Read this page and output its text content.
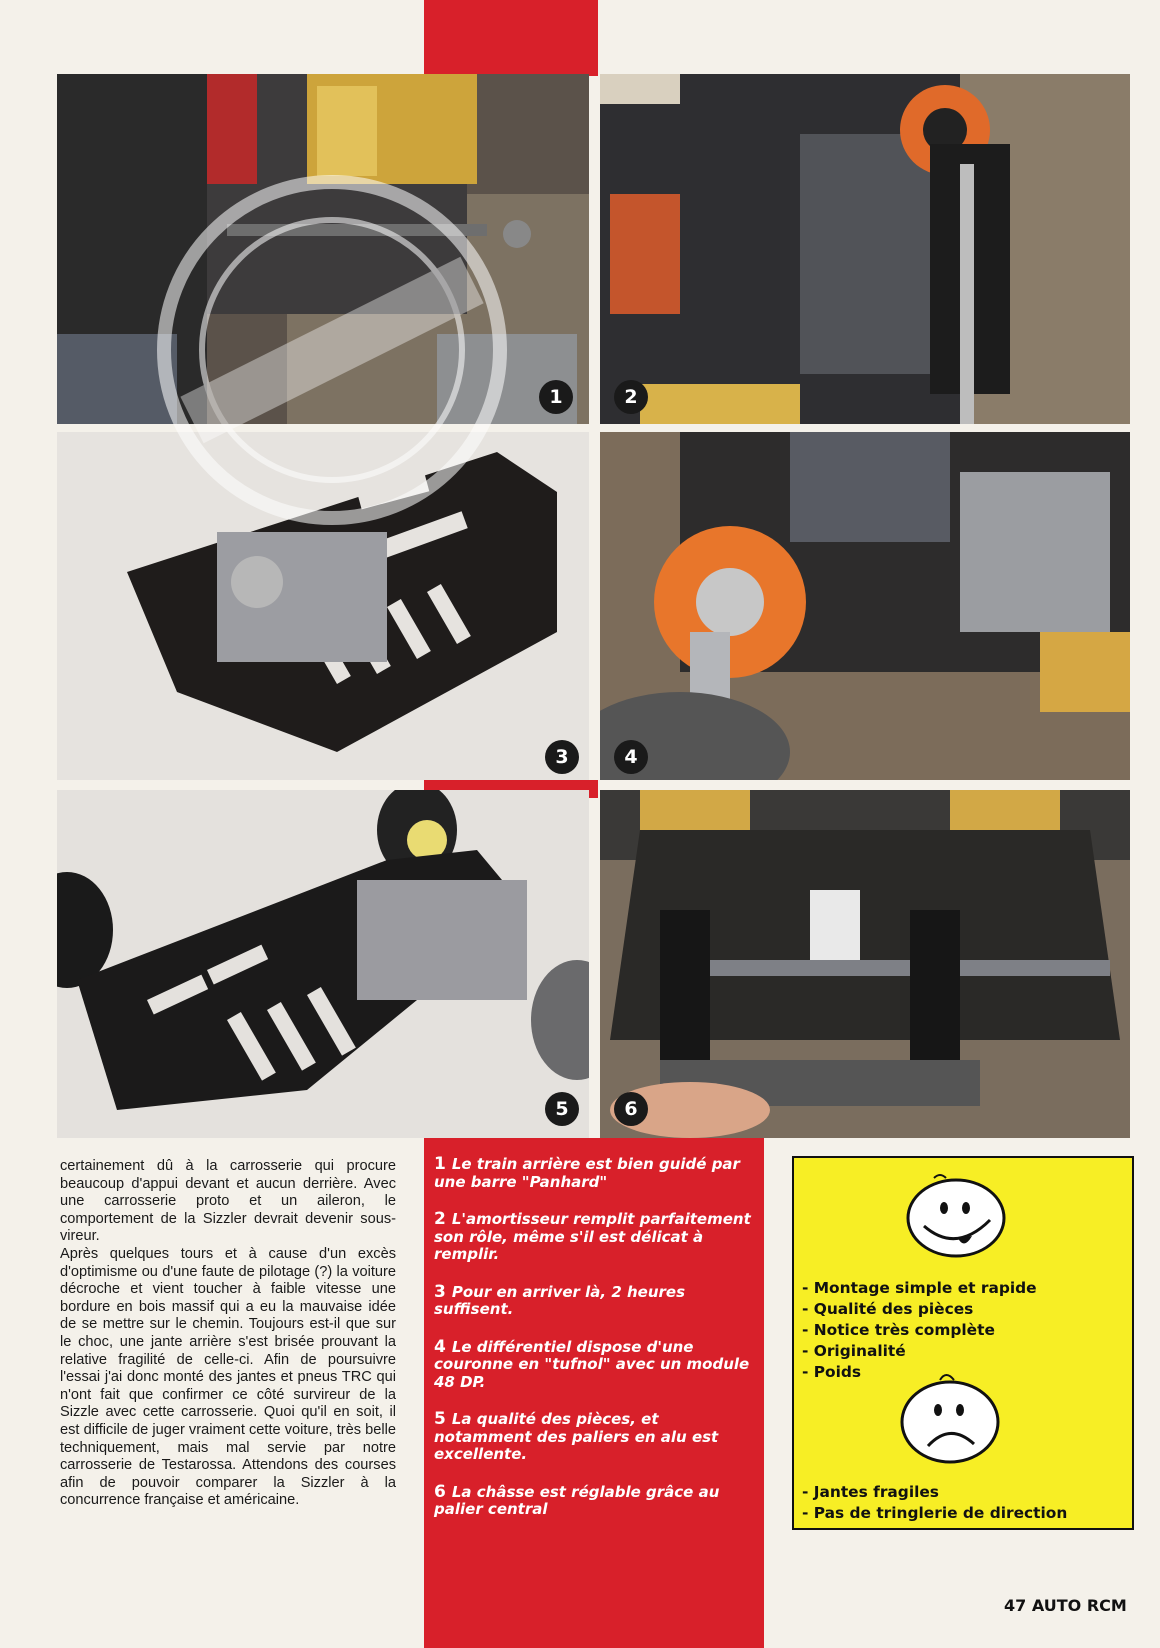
1	2
3	4
5	6

certainement dû à la carrosserie qui procure beaucoup d'appui devant et aucun derrière. Avec une carrosserie proto et un aileron, le comportement de la Sizzler devrait devenir sous-vireur.

Après quelques tours et à cause d'un excès d'optimisme ou d'une faute de pilotage (?) la voiture décroche et vient toucher à faible vitesse une bordure en bois massif qui a eu la mauvaise idée de se mettre sur le chemin. Toujours est-il que sur le choc, une jante arrière s'est brisée prouvant la relative fragilité de celle-ci. Afin de poursuivre l'essai j'ai donc monté des jantes et pneus TRC qui n'ont fait que confirmer ce côté survireur de la Sizzle avec cette carrosserie. Quoi qu'il en soit, il est difficile de juger vraiment cette voiture, très belle techniquement, mais mal servie par notre carrosserie de Testarossa. Attendons des courses afin de pouvoir comparer la Sizzler à la concurrence française et américaine.

1 Le train arrière est bien guidé par une barre "Panhard"

2 L'amortisseur remplit parfaitement son rôle, même s'il est délicat à remplir.

3 Pour en arriver là, 2 heures suffisent.

4 Le différentiel dispose d'une couronne en "tufnol" avec un module 48 DP.

5 La qualité des pièces, et notamment des paliers en alu est excellente.

6 La châsse est réglable grâce au palier central

- Montage simple et rapide
- Qualité des pièces
- Notice très complète
- Originalité
- Poids
- Jantes fragiles
- Pas de tringlerie de direction
47 AUTO RCM
